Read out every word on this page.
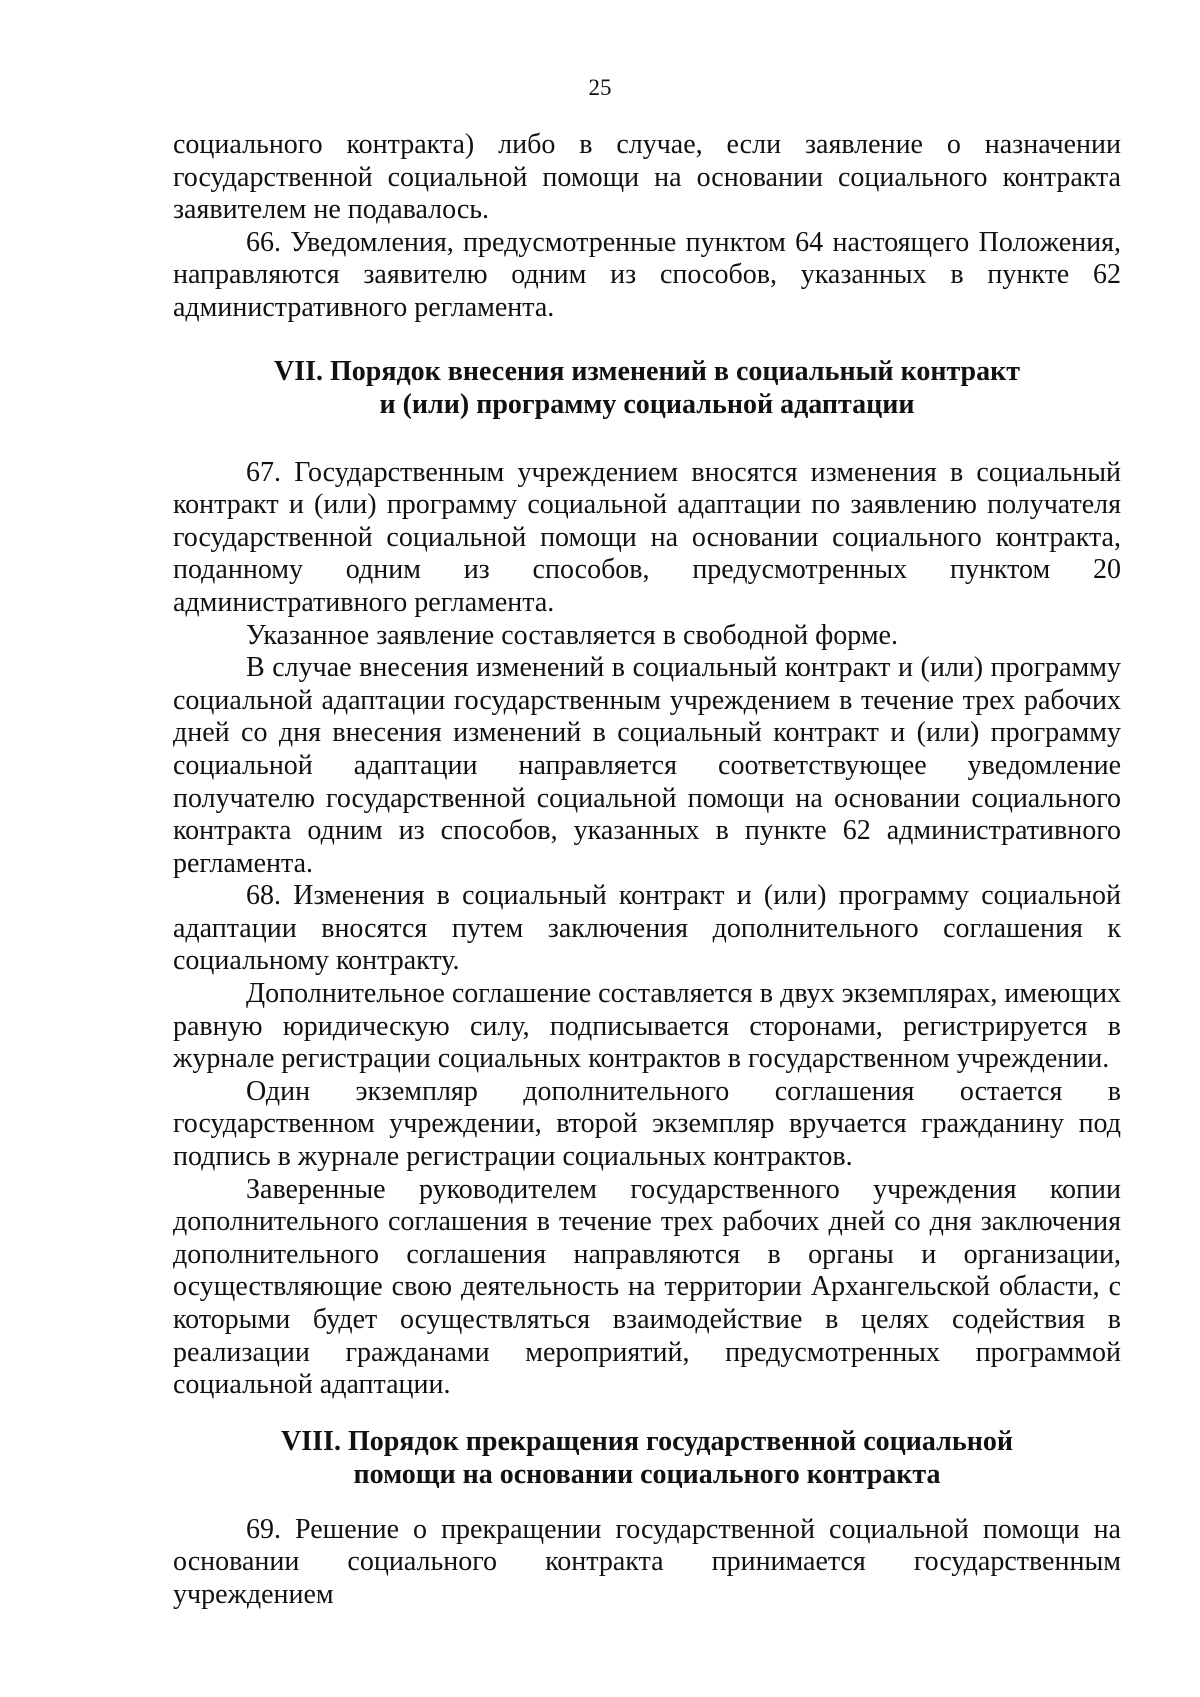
25

социального контракта) либо в случае, если заявление о назначении государственной социальной помощи на основании социального контракта заявителем не подавалось.

66. Уведомления, предусмотренные пунктом 64 настоящего Положения, направляются заявителю одним из способов, указанных в пункте 62 административного регламента.

VII. Порядок внесения изменений в социальный контракт
и (или) программу социальной адаптации

67. Государственным учреждением вносятся изменения в социальный контракт и (или) программу социальной адаптации по заявлению получателя государственной социальной помощи на основании социального контракта, поданному одним из способов, предусмотренных пунктом 20 административного регламента.

Указанное заявление составляется в свободной форме.

В случае внесения изменений в социальный контракт и (или) программу социальной адаптации государственным учреждением в течение трех рабочих дней со дня внесения изменений в социальный контракт и (или) программу социальной адаптации направляется соответствующее уведомление получателю государственной социальной помощи на основании социального контракта одним из способов, указанных в пункте 62 административного регламента.

68. Изменения в социальный контракт и (или) программу социальной адаптации вносятся путем заключения дополнительного соглашения к социальному контракту.

Дополнительное соглашение составляется в двух экземплярах, имеющих равную юридическую силу, подписывается сторонами, регистрируется в журнале регистрации социальных контрактов в государственном учреждении.

Один экземпляр дополнительного соглашения остается в государственном учреждении, второй экземпляр вручается гражданину под подпись в журнале регистрации социальных контрактов.

Заверенные руководителем государственного учреждения копии дополнительного соглашения в течение трех рабочих дней со дня заключения дополнительного соглашения направляются в органы и организации, осуществляющие свою деятельность на территории Архангельской области, с которыми будет осуществляться взаимодействие в целях содействия в реализации гражданами мероприятий, предусмотренных программой социальной адаптации.

VIII. Порядок прекращения государственной социальной
помощи на основании социального контракта

69. Решение о прекращении государственной социальной помощи на основании социального контракта принимается государственным учреждением
